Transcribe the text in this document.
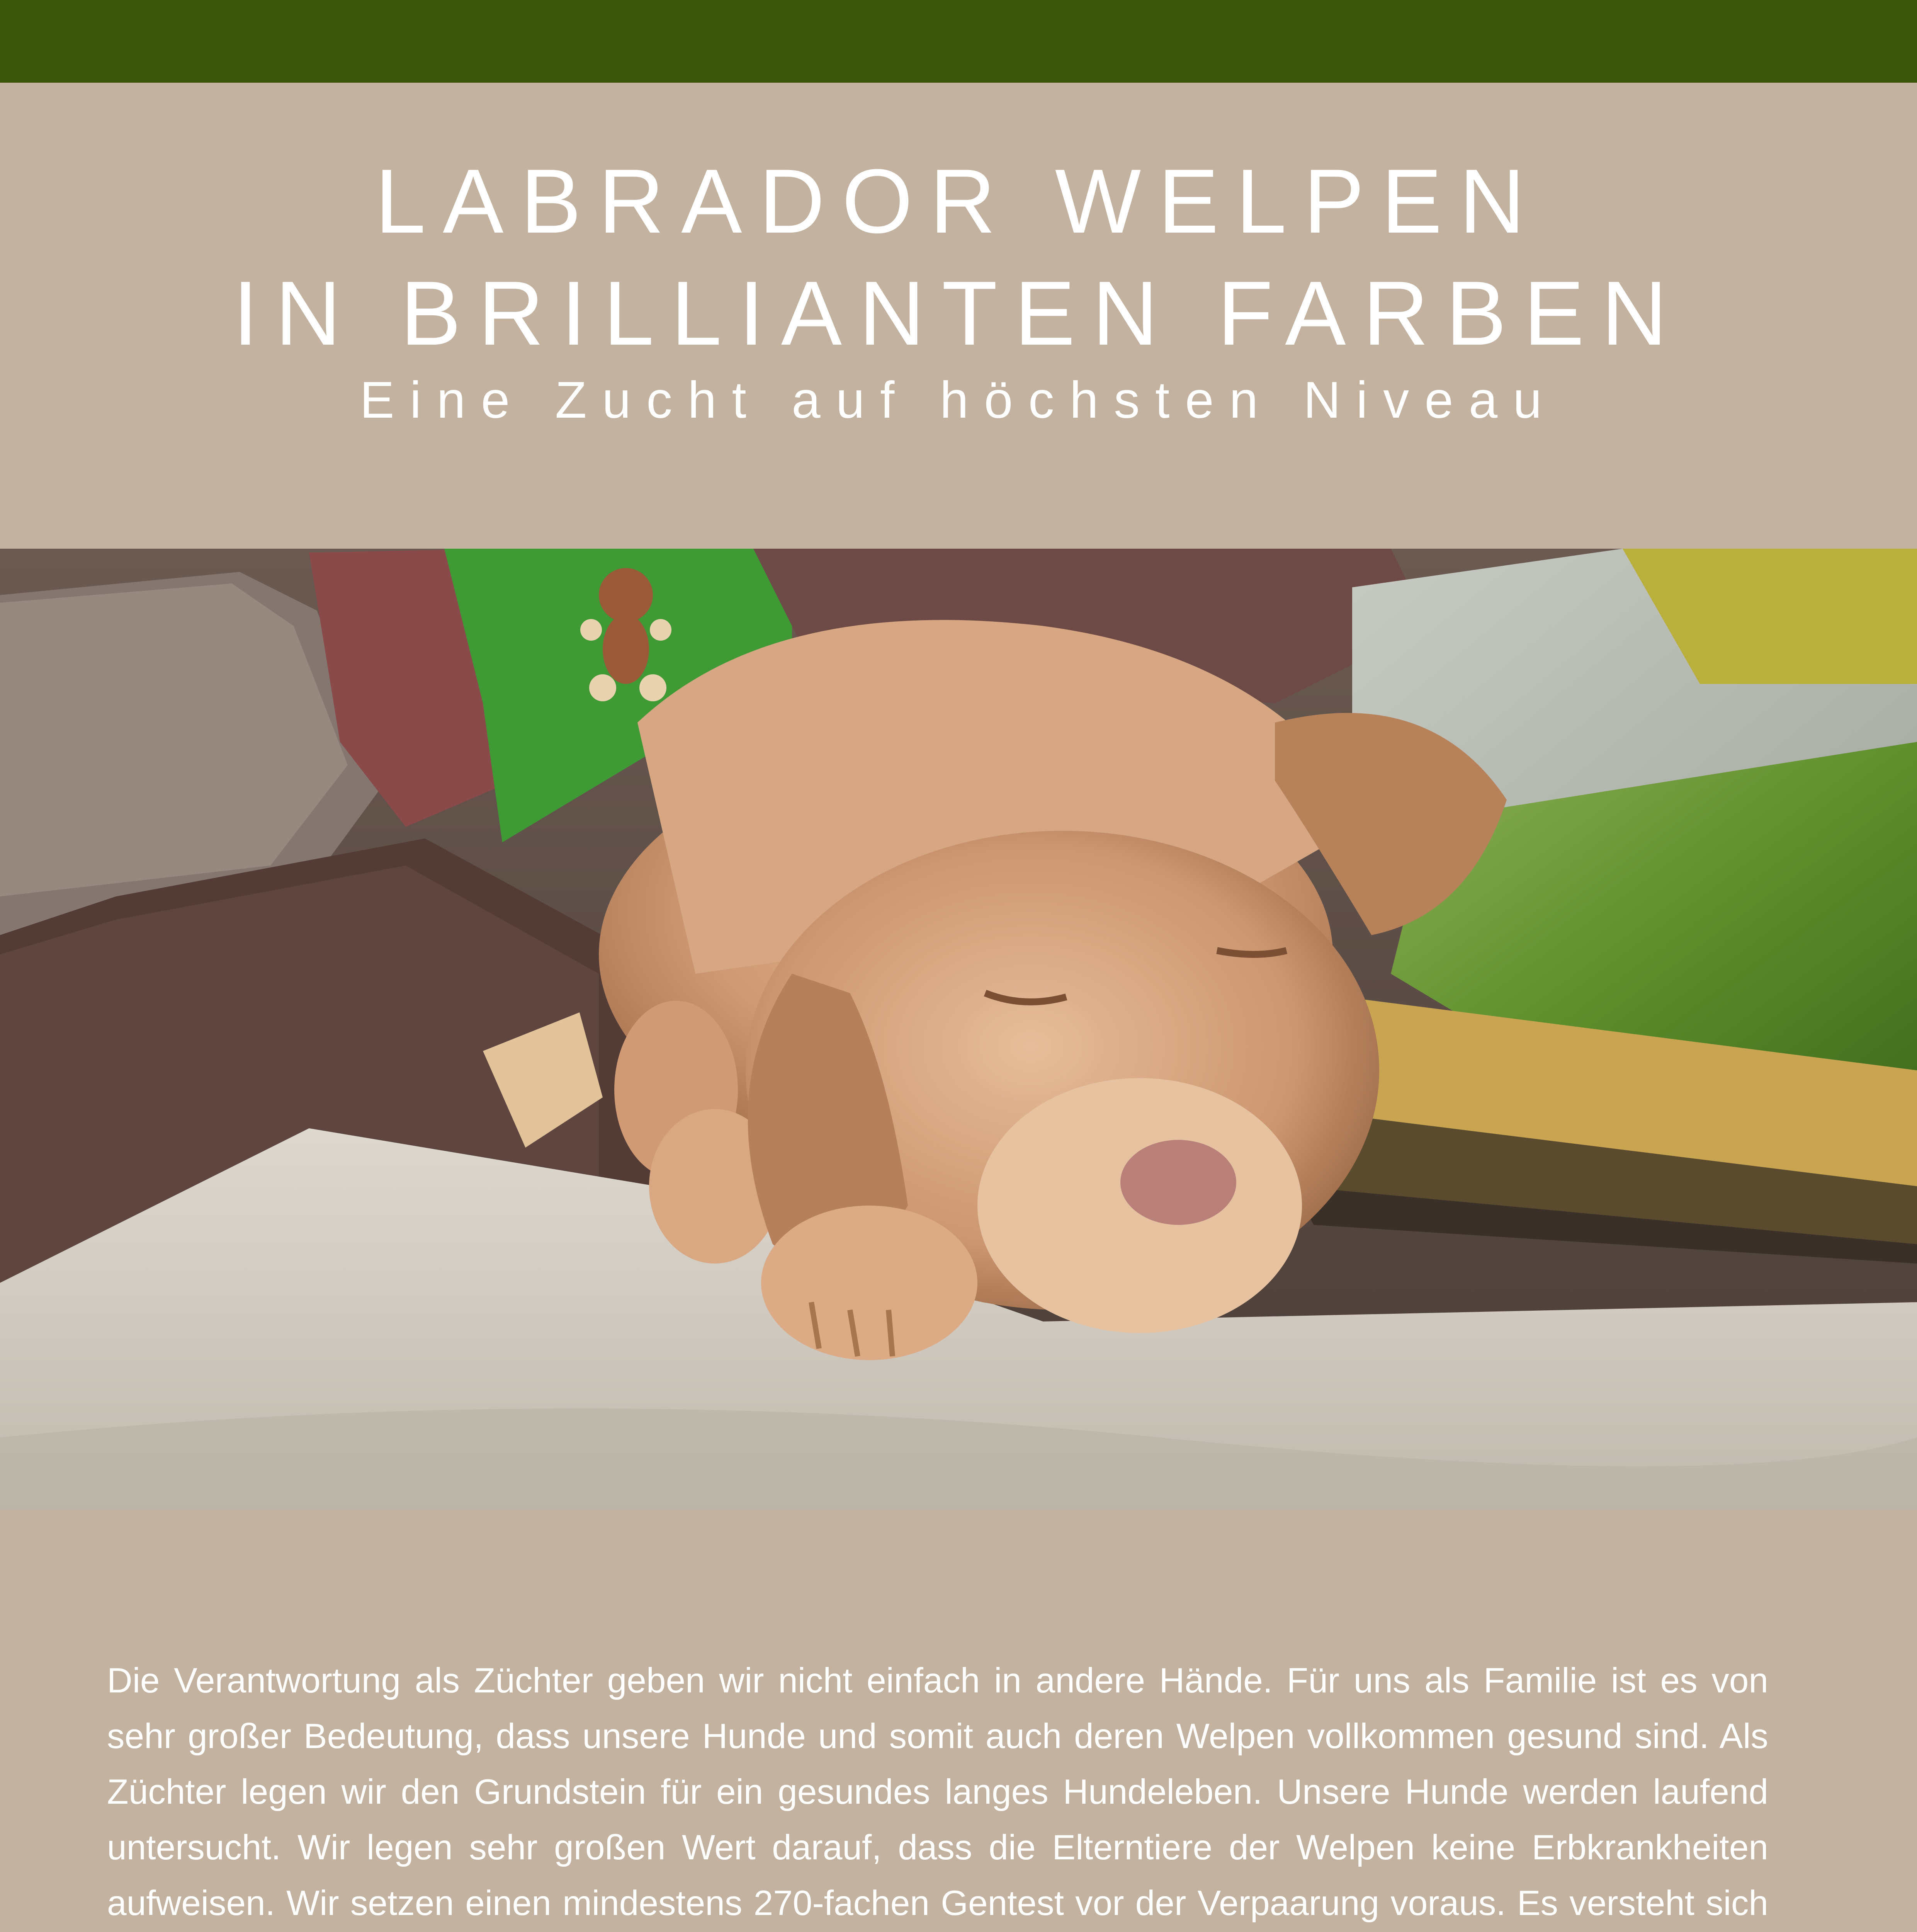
LABRADOR WELPEN
IN BRILLIANTEN FARBEN
Eine Zucht auf höchsten Niveau

Die Verantwortung als Züchter geben wir nicht einfach in andere Hände. Für uns als Familie ist es von sehr großer Bedeutung, dass unsere Hunde und somit auch deren Welpen vollkommen gesund sind. Als Züchter legen wir den Grundstein für ein gesundes langes Hundeleben. Unsere Hunde werden laufend untersucht. Wir legen sehr großen Wert darauf, dass die Elterntiere der Welpen keine Erbkrankheiten aufweisen. Wir setzen einen mindestens 270-fachen Gentest vor der Verpaarung voraus. Es versteht sich
